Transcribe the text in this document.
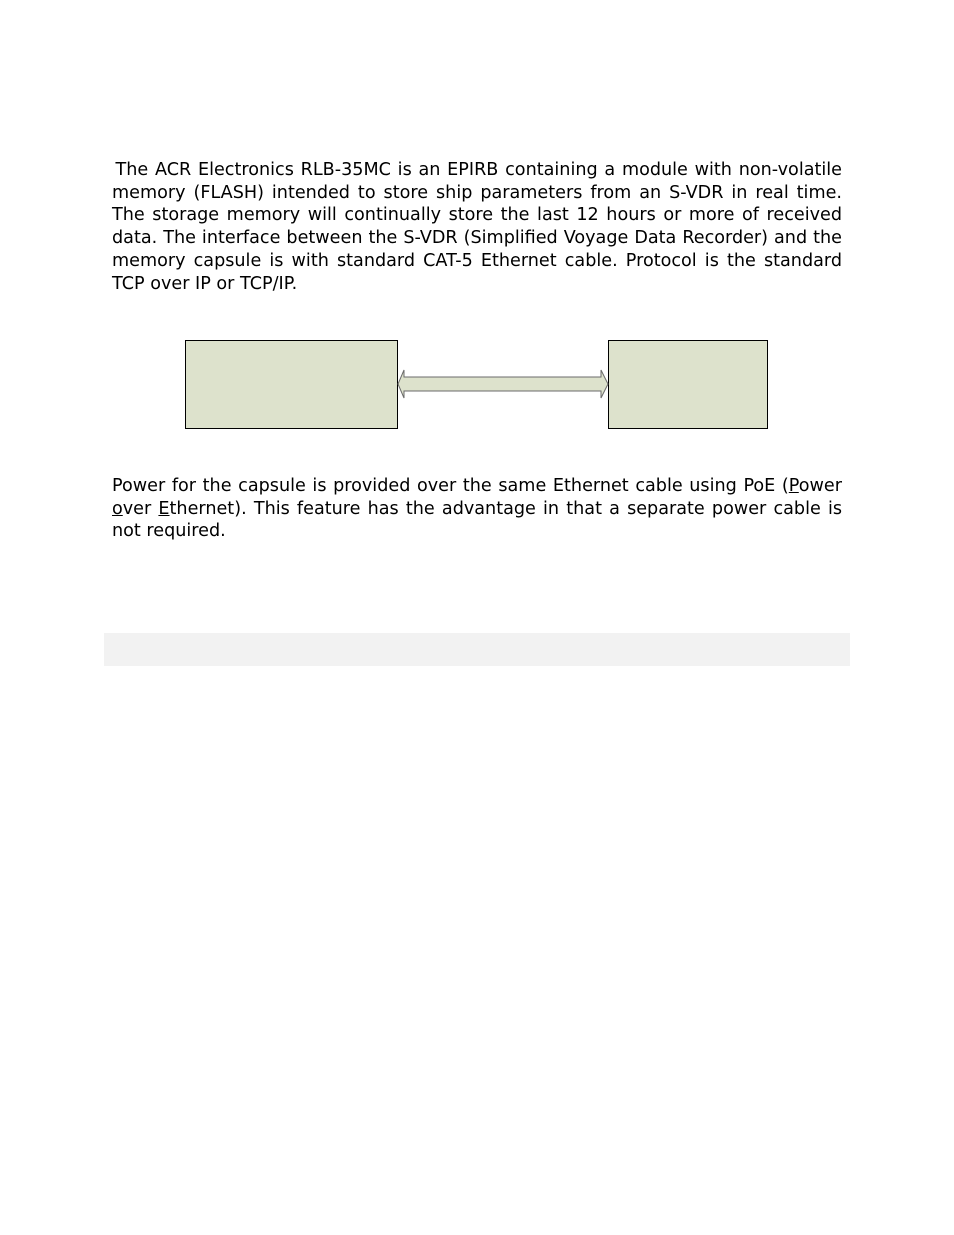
 The ACR Electronics RLB-35MC is an EPIRB containing a module with non-volatile memory (FLASH) intended to store ship parameters from an S-VDR in real time. The storage memory will continually store the last 12 hours or more of received data. The interface between the S-VDR (Simplified Voyage Data Recorder) and the memory capsule is with standard CAT-5 Ethernet cable. Protocol is the standard TCP over IP or TCP/IP.

Power for the capsule is provided over the same Ethernet cable using PoE (Power over Ethernet). This feature has the advantage in that a separate power cable is not required.
